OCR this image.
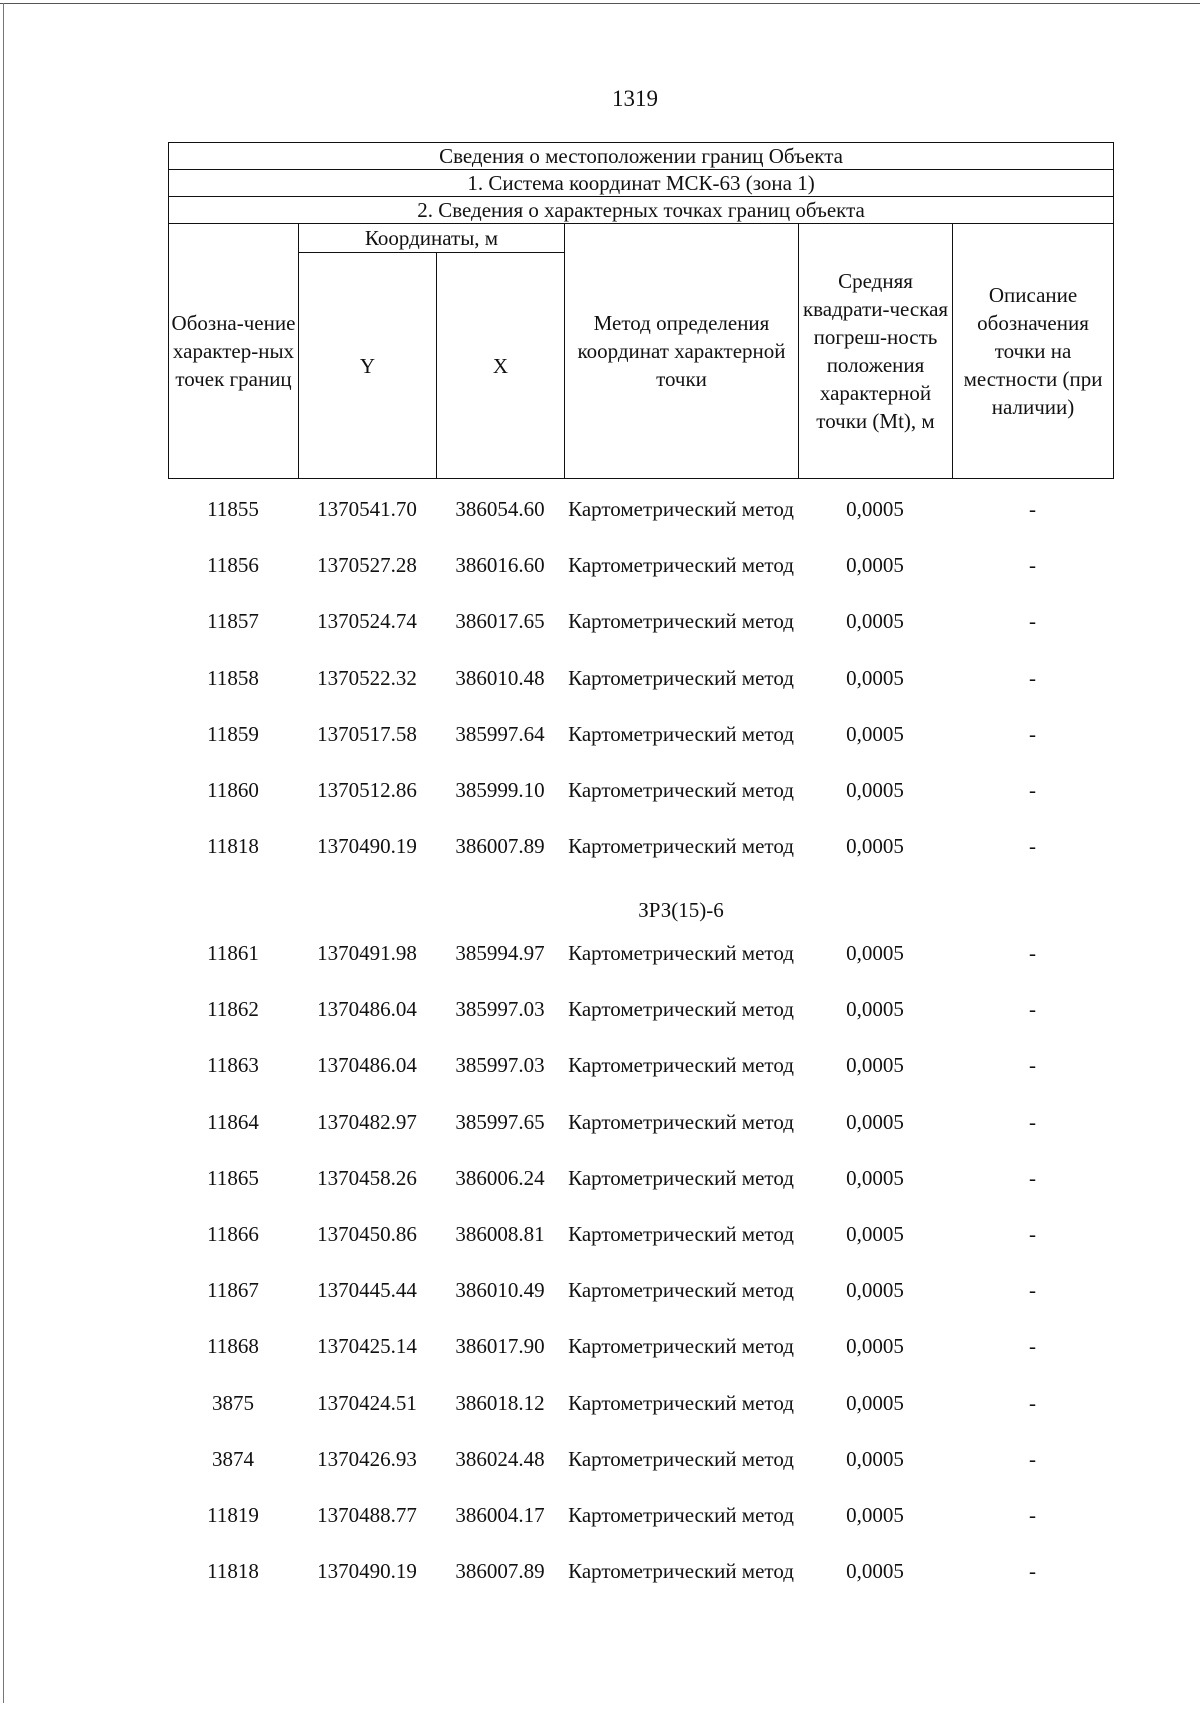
1319
Сведения о местоположении границ Объекта					
1. Система координат МСК-63 (зона 1)					
2. Сведения о характерных точках границ объекта					
Обозна-чение характер-ных точек границ	Координаты, м		Метод определения координат характерной точки	Средняя квадрати-ческая погреш-ность положения характерной точки (Mt), м	Описание обозначения точки на местности (при наличии)
	Y	X			
11855	1370541.70	386054.60	Картометрический метод	0,0005	-
11856	1370527.28	386016.60	Картометрический метод	0,0005	-
11857	1370524.74	386017.65	Картометрический метод	0,0005	-
11858	1370522.32	386010.48	Картометрический метод	0,0005	-
11859	1370517.58	385997.64	Картометрический метод	0,0005	-
11860	1370512.86	385999.10	Картометрический метод	0,0005	-
11818	1370490.19	386007.89	Картометрический метод	0,0005	-
ЗРЗ(15)-6
11861	1370491.98	385994.97	Картометрический метод	0,0005	-
11862	1370486.04	385997.03	Картометрический метод	0,0005	-
11863	1370486.04	385997.03	Картометрический метод	0,0005	-
11864	1370482.97	385997.65	Картометрический метод	0,0005	-
11865	1370458.26	386006.24	Картометрический метод	0,0005	-
11866	1370450.86	386008.81	Картометрический метод	0,0005	-
11867	1370445.44	386010.49	Картометрический метод	0,0005	-
11868	1370425.14	386017.90	Картометрический метод	0,0005	-
3875	1370424.51	386018.12	Картометрический метод	0,0005	-
3874	1370426.93	386024.48	Картометрический метод	0,0005	-
11819	1370488.77	386004.17	Картометрический метод	0,0005	-
11818	1370490.19	386007.89	Картометрический метод	0,0005	-
